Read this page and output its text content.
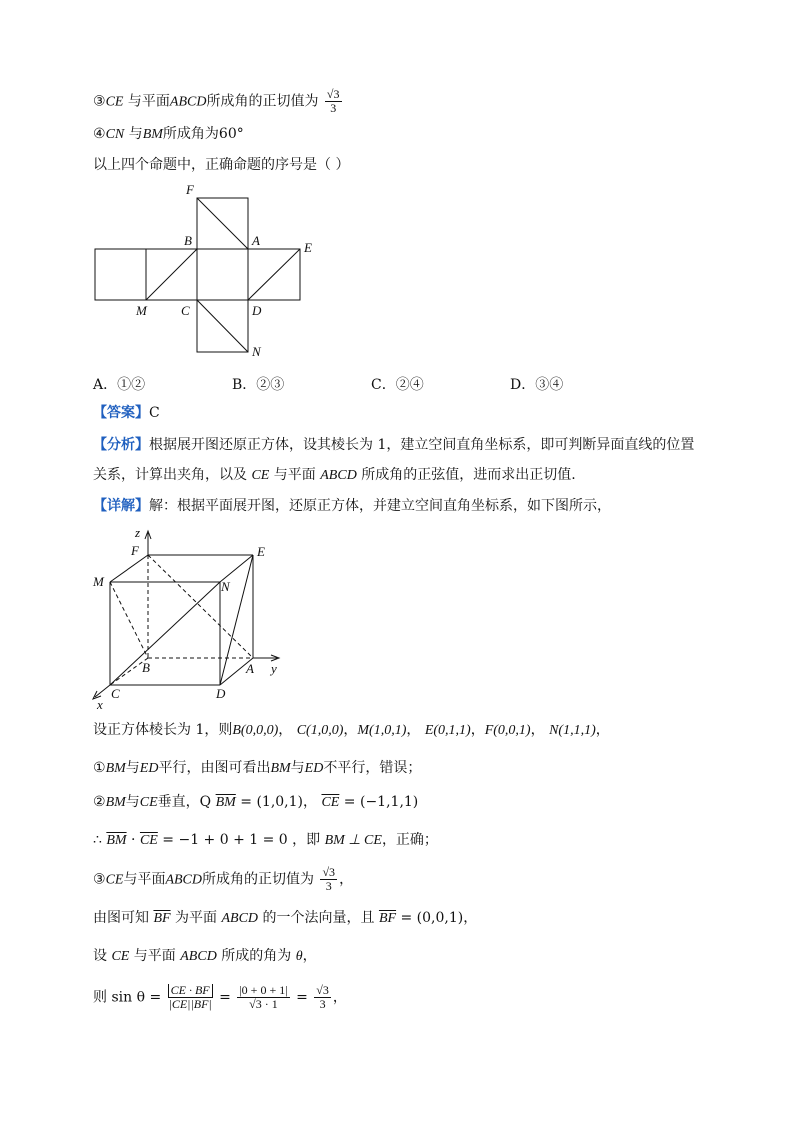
③CE 与平面ABCD所成角的正切值为 $\frac{√3}{3}$
④CN 与BM所成角为60°
以上四个命题中，正确命题的序号是（ ）
F
B	A	E
M	C	D
N
A．①②	B．②③	C．②④	D．③④
【答案】C
【分析】根据展开图还原正方体，设其棱长为 1，建立空间直角坐标系，即可判断异面直线的位置
关系，计算出夹角，以及 CE 与平面 ABCD 所成角的正弦值，进而求出正切值.
【详解】解：根据平面展开图，还原正方体，并建立空间直角坐标系，如下图所示，
z
F	E
M	N
B	A y
C	D
x
设正方体棱长为 1，则B(0,0,0)， C(1,0,0)，M(1,0,1)， E(0,1,1)，F(0,0,1)， N(1,1,1)，
①BM与ED平行，由图可看出BM与ED不平行，错误；
②BM与CE垂直，Q $\overline{BM} = (1,0,1)$， $\overline{CE} = (-1,1,1)$
∴ $\overline{BM} \cdot \overline{CE} = -1 + 0 + 1 = 0$ ，即 BM ⊥ CE，正确；
③CE与平面ABCD所成角的正切值为 $\frac{√3}{3}$ ，
由图可知 $\overline{BF}$ 为平面 ABCD 的一个法向量，且 $\overline{BF} = (0,0,1)$，
设 CE 与平面 ABCD 所成的角为 θ，
则 $\sin \theta = \frac{CE \cdot BF}{|CE||BF|} = \frac{|0 + 0 + 1|}{√3 \cdot 1} = \frac{√3}{3}$ ，
